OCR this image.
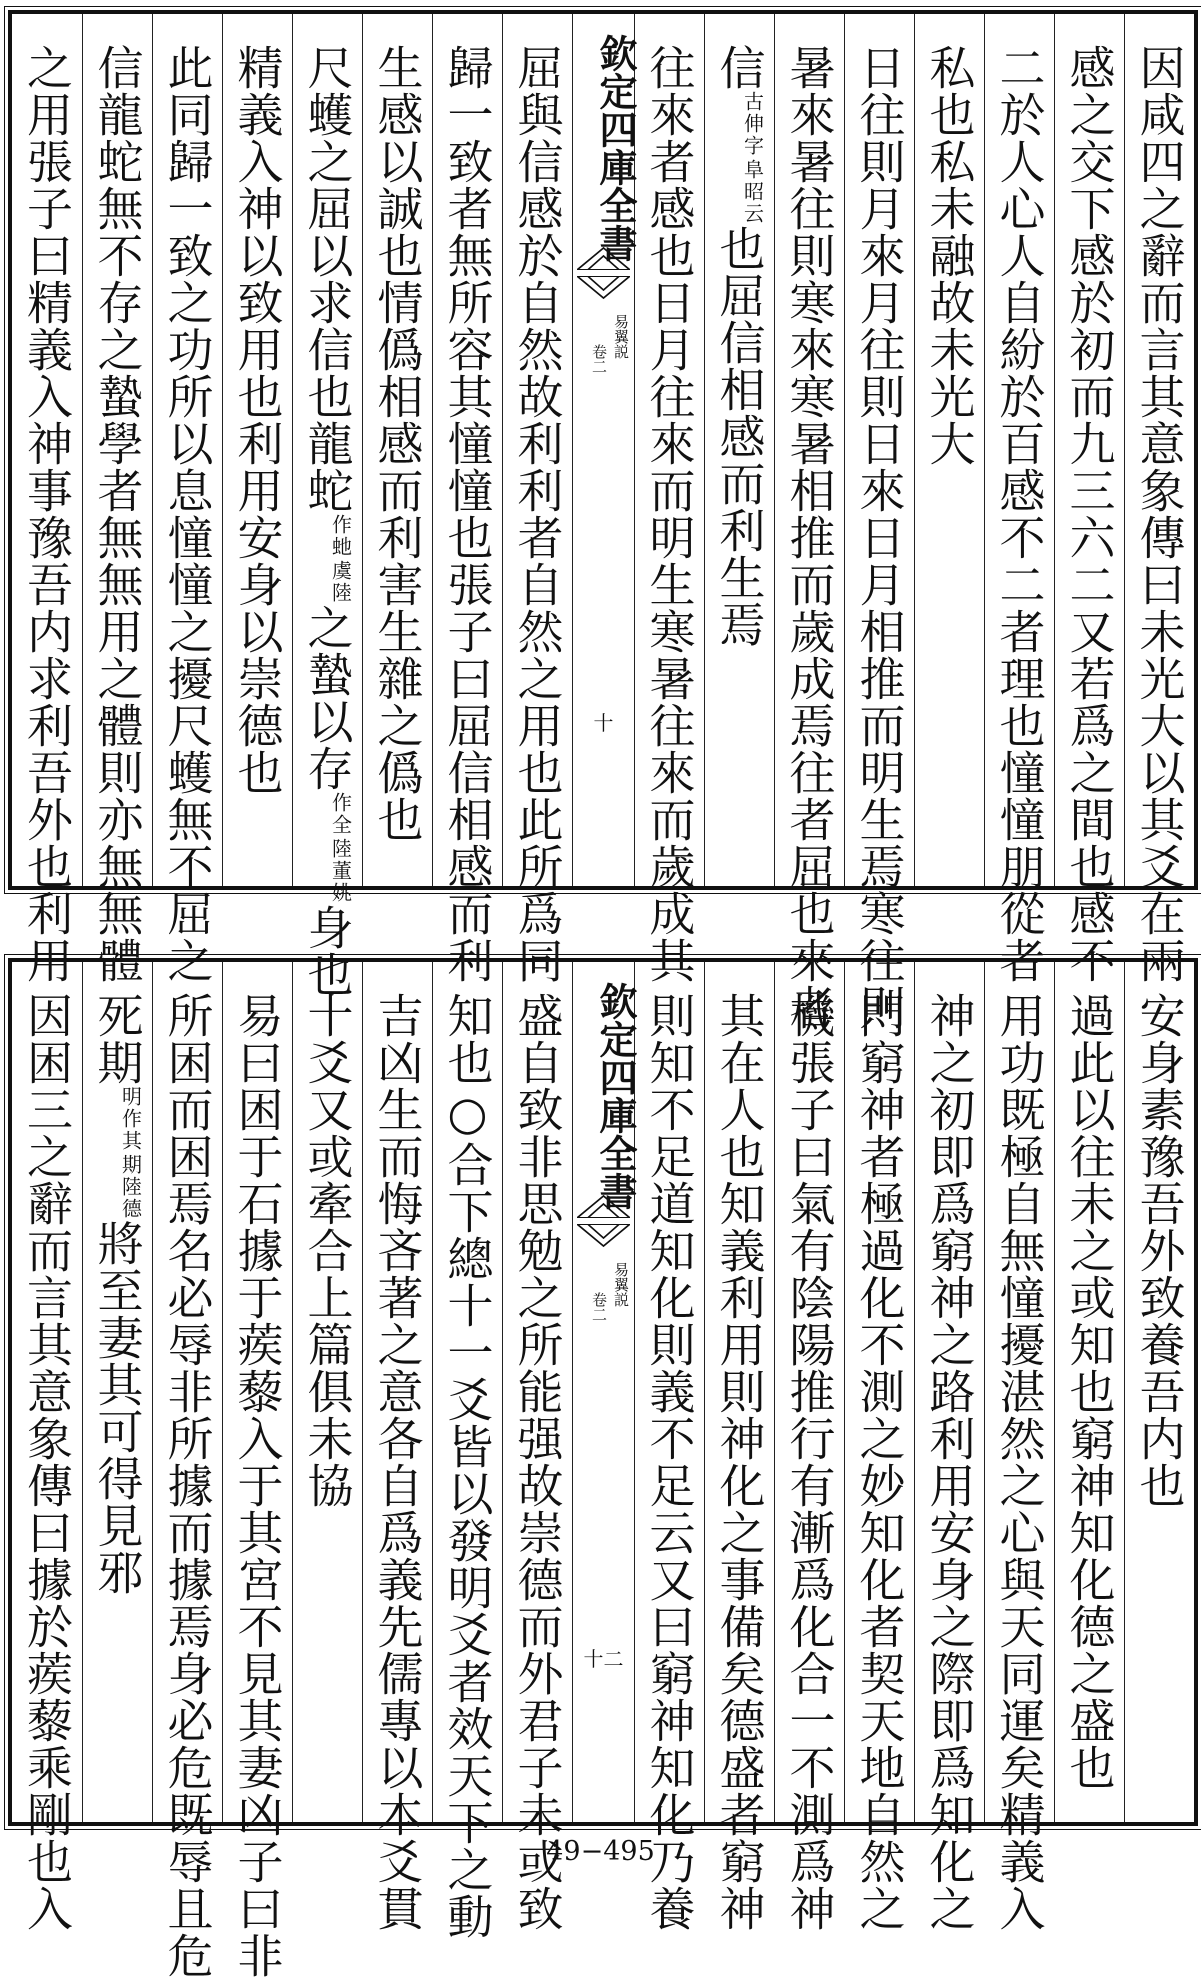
因咸四之辭而言其意象傳曰未光大以其爻在兩
感之交下感於初而九三六二又若爲之間也感不
二於人心人自紛於百感不二者理也憧憧朋從者
私也私未融故未光大
日往則月來月往則日來日月相推而明生焉寒往則
暑來暑往則寒來寒暑相推而歲成焉往者屈也來者
信
阜昭云
古伸字
也屈信相感而利生焉
往來者感也日月往來而明生寒暑往來而歲成其
欽定四庫全書
易翼説
卷二
十
屈與信感於自然故利利者自然之用也此所爲同
歸一致者無所容其憧憧也張子曰屈信相感而利
生感以誠也情僞相感而利害生雜之僞也
尺蠖之屈以求信也龍蛇
虞陸
作虵
之蟄以存
陸董姚
作全
身也
精義入神以致用也利用安身以崇德也
此同歸一致之功所以息憧憧之擾尺蠖無不屈之
信龍蛇無不存之蟄學者無無用之體則亦無無體
之用張子曰精義入神事豫吾内求利吾外也利用
安身素豫吾外致養吾内也
過此以往未之或知也窮神知化德之盛也
用功既極自無憧擾湛然之心與天同運矣精義入
神之初即爲窮神之路利用安身之際即爲知化之
門窮神者極過化不測之妙知化者契天地自然之
機張子曰氣有陰陽推行有漸爲化合一不測爲神
其在人也知義利用則神化之事備矣德盛者窮神
則知不足道知化則義不足云又曰窮神知化乃養
欽定四庫全書
易翼説
卷二
十二
盛自致非思勉之所能强故崇德而外君子未或致
知也○合下總十一爻皆以發明爻者效天下之動
吉凶生而悔吝著之意各自爲義先儒專以本爻貫
十爻又或牽合上篇俱未協
易曰困于石據于蒺藜入于其宮不見其妻凶子曰非
所困而困焉名必辱非所據而據焉身必危既辱且危
死期
期陸德
明作其
將至妻其可得見邪
因困三之辭而言其意象傳曰據於蒺藜乘剛也入	49−495
